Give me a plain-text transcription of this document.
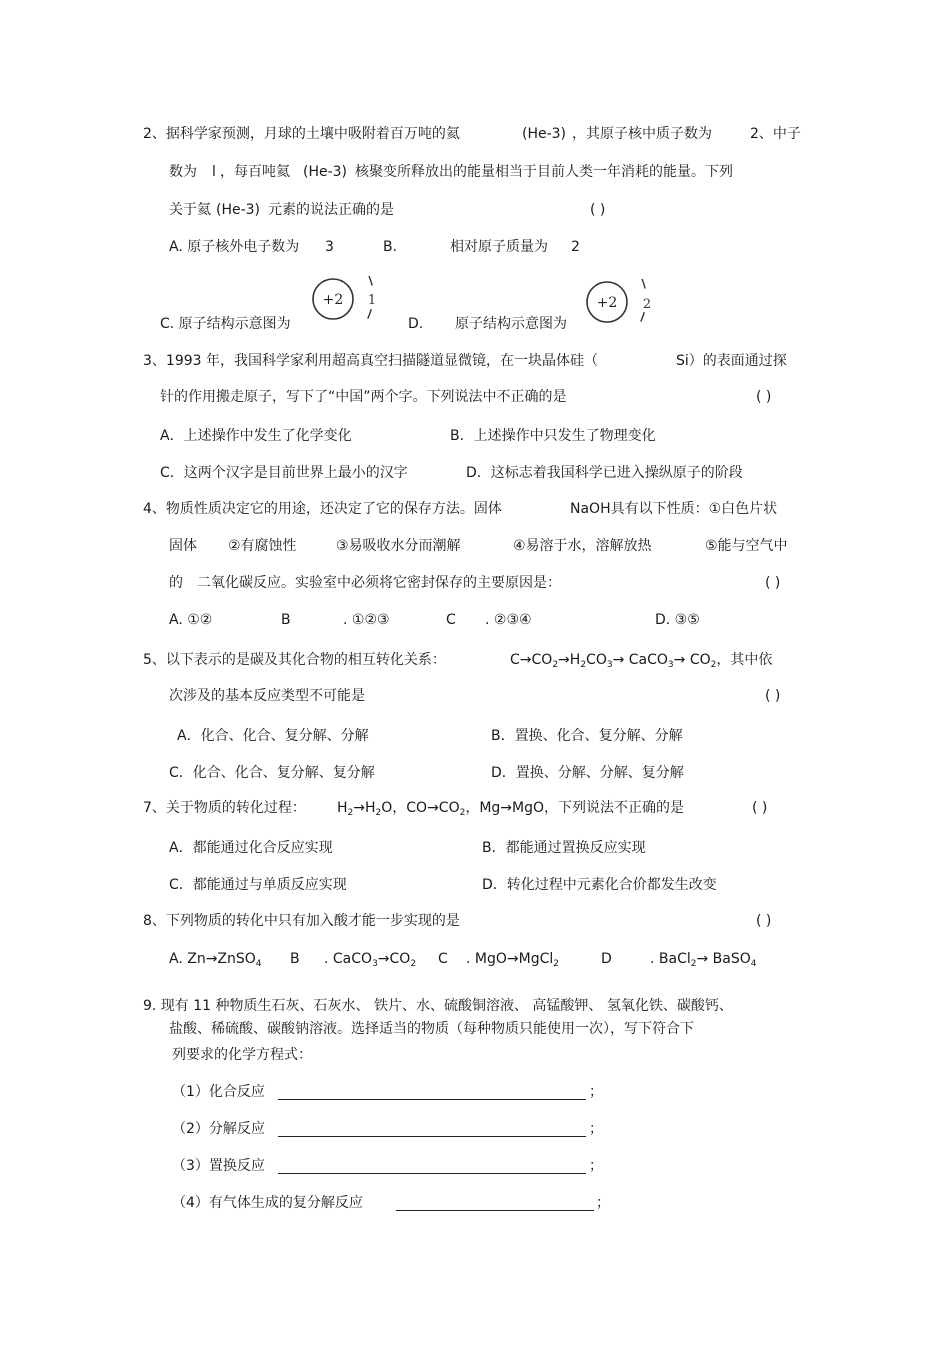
2、据科学家预测，月球的土壤中吸附着百万吨的氦	(He-3) ，其原子核中质子数为	2、中子
数为 l ，每百吨氦 (He-3) 核聚变所释放出的能量相当于目前人类一年消耗的能量。下列
关于氦 (He-3) 元素的说法正确的是	( )
A. 原子核外电子数为 3	B.	相对原子质量为 2
C. 原子结构示意图为
+2 1
D. 原子结构示意图为
+2 2
3、1993 年，我国科学家利用超高真空扫描隧道显微镜，在一块晶体硅（	Si）的表面通过探
针的作用搬走原子，写下了“中国”两个字。下列说法中不正确的是	( )
A．上述操作中发生了化学变化	B．上述操作中只发生了物理变化
C．这两个汉字是目前世界上最小的汉字	D．这标志着我国科学已进入操纵原子的阶段
4、物质性质决定它的用途，还决定了它的保存方法。固体	NaOH具有以下性质：①白色片状
固体 ②有腐蚀性	③易吸收水分而潮解	④易溶于水，溶解放热	⑤能与空气中
的 二氧化碳反应。实验室中必须将它密封保存的主要原因是：	( )
A. ①②	B	. ①②③	C . ②③④	D. ③⑤
5、以下表示的是碳及其化合物的相互转化关系：	$C\to CO_2\to H_2CO_3\to$ CaCO$_3$→ $CO_2$，其中依
次涉及的基本反应类型不可能是	( )
A．化合、化合、复分解、分解	B．置换、化合、复分解、分解
C．化合、化合、复分解、复分解	D．置换、分解、分解、复分解
7、关于物质的转化过程： $H_2\to H_2O$，$CO\to CO_2$，Mg→MgO，下列说法不正确的是	( )
A．都能通过化合反应实现	B．都能通过置换反应实现
C．都能通过与单质反应实现	D．转化过程中元素化合价都发生改变
8、下列物质的转化中只有加入酸才能一步实现的是	( )
A. Zn→ZnSO$_4$ B . $CaCO_3\to CO_2$ C . MgO→MgCl$_2$	D	. BaCl$_2$→ BaSO$_4$
9. 现有 11 种物质生石灰、石灰水、 铁片、水、硫酸铜溶液、 高锰酸钾、 氢氧化铁、碳酸钙、
盐酸、稀硫酸、碳酸钠溶液。选择适当的物质（每种物质只能使用一次），写下符合下
列要求的化学方程式：
（1）化合反应	；
（2）分解反应	；
（3）置换反应	；
（4）有气体生成的复分解反应	；
